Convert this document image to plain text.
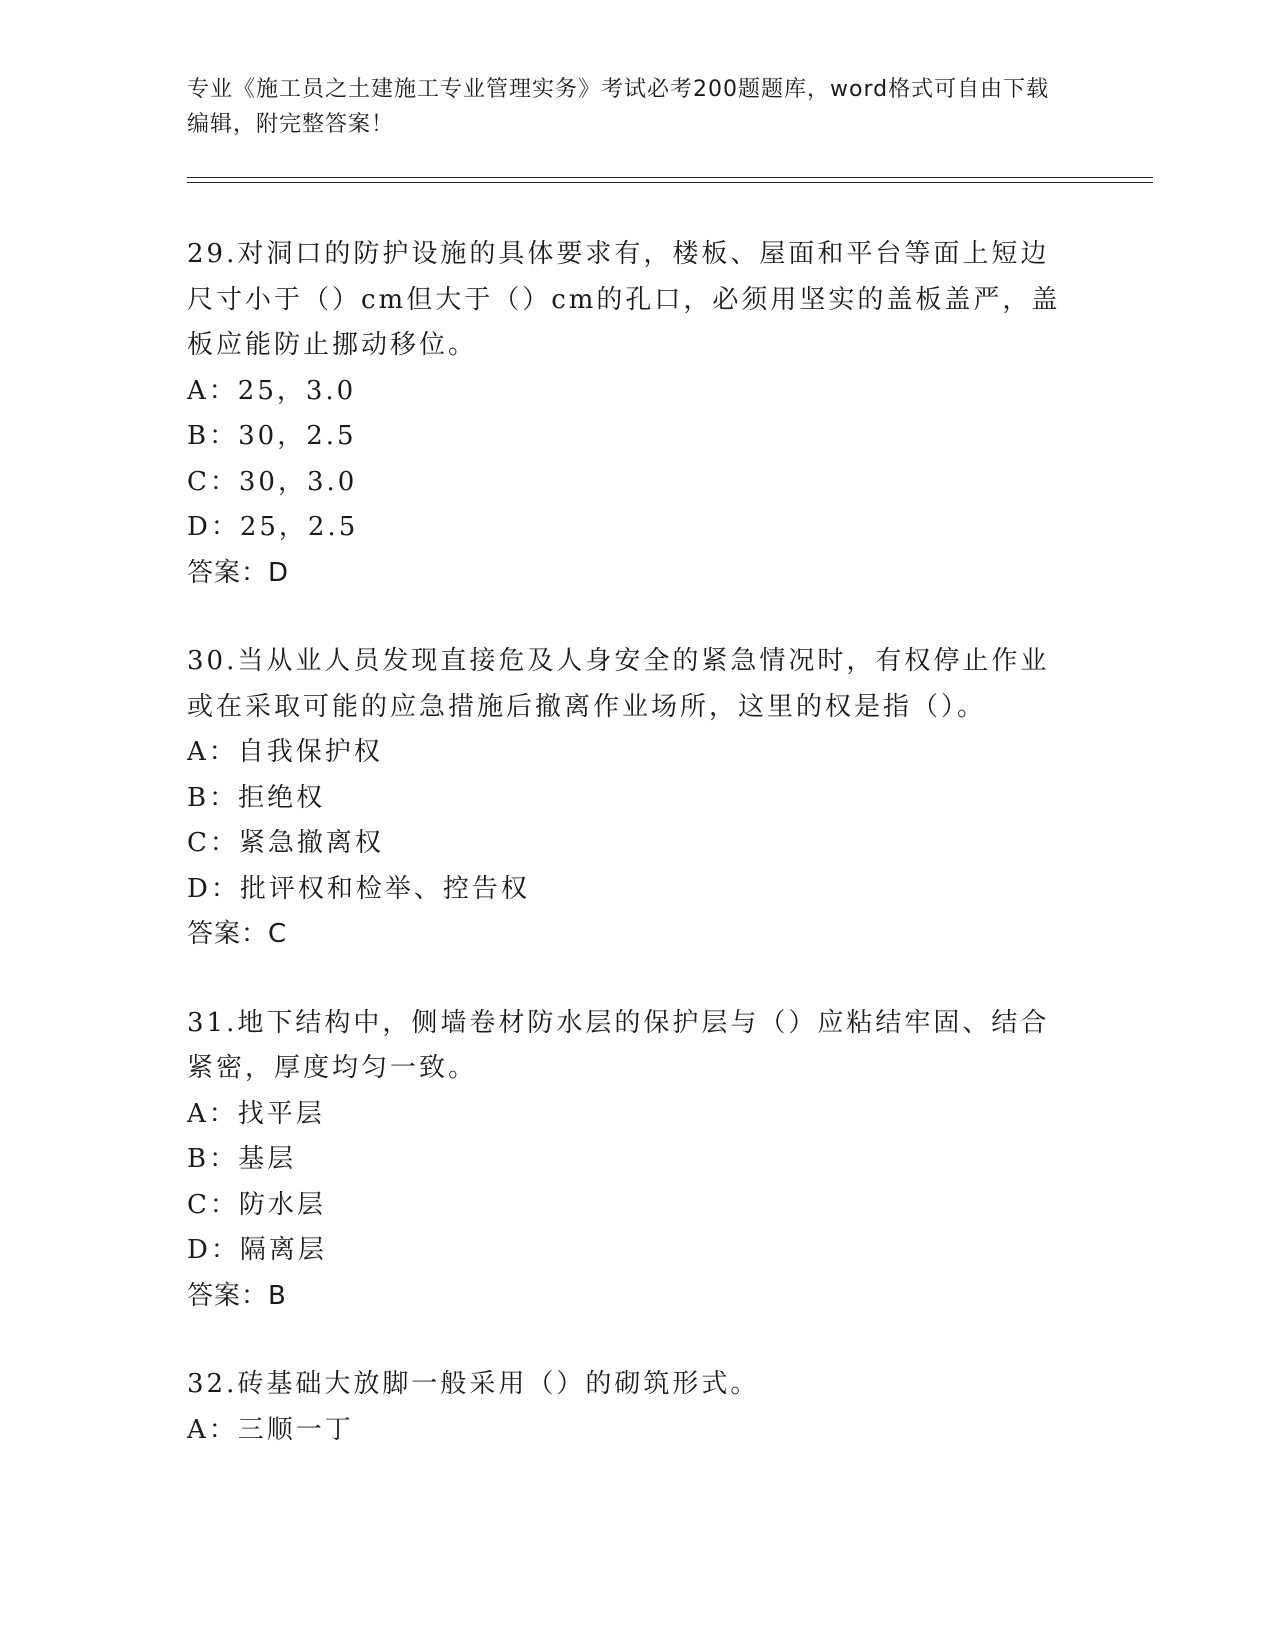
专业《施工员之土建施工专业管理实务》考试必考200题题库，word格式可自由下载编辑，附完整答案！

29.对洞口的防护设施的具体要求有，楼板、屋面和平台等面上短边尺寸小于（）cm但大于（）cm的孔口，必须用坚实的盖板盖严，盖板应能防止挪动移位。

A：25，3.0

B：30，2.5

C：30，3.0

D：25，2.5

答案：D

30.当从业人员发现直接危及人身安全的紧急情况时，有权停止作业或在采取可能的应急措施后撤离作业场所，这里的权是指（）。

A：自我保护权

B：拒绝权

C：紧急撤离权

D：批评权和检举、控告权

答案：C

31.地下结构中，侧墙卷材防水层的保护层与（）应粘结牢固、结合紧密，厚度均匀一致。

A：找平层

B：基层

C：防水层

D：隔离层

答案：B

32.砖基础大放脚一般采用（）的砌筑形式。

A：三顺一丁
